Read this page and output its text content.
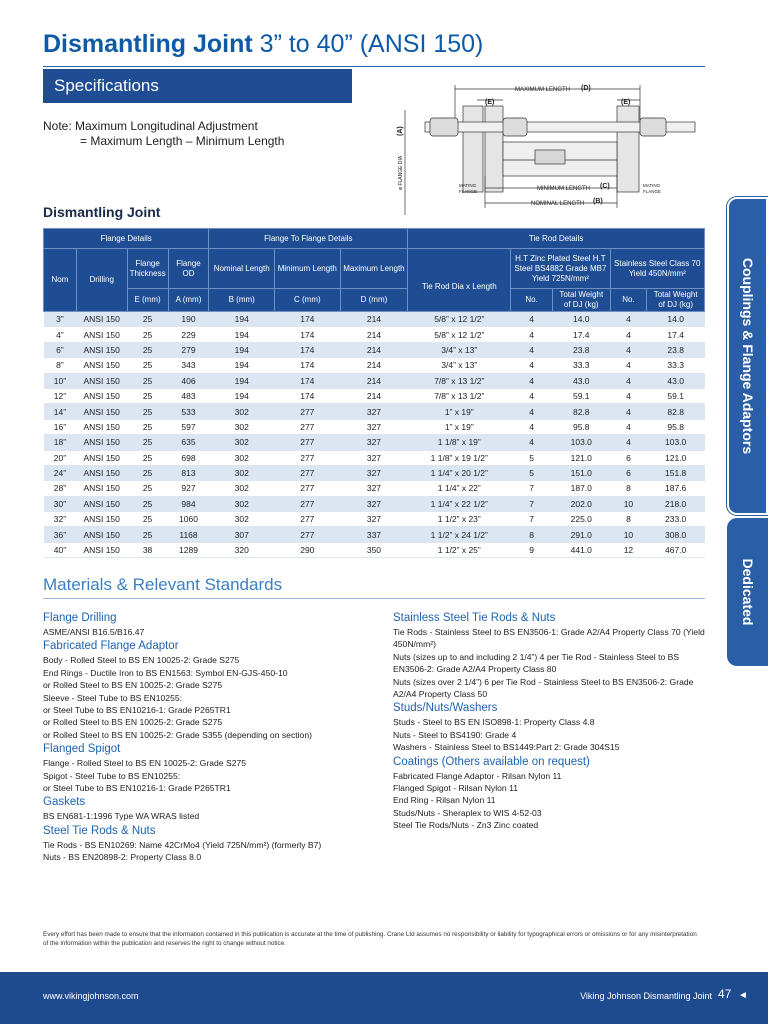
Dismantling Joint 3” to 40” (ANSI 150)
Specifications
Note: Maximum Longitudinal Adjustment
= Maximum Length – Minimum Length
MAXIMUM LENGTH (D)
(E)	(E)
(A)
ø FLANGE DIA	MATING
FLANGE
MATING
FLANGE
MINIMUM LENGTH (C)
NOMINAL LENGTH (B)
Dismantling Joint
Flange Details				Flange To Flange Details			Tie Rod Details				
Nom	Drilling	Flange Thickness	Flange OD	Nominal Length	Minimum Length	Maximum Length	Tie Rod Dia x Length	H.T Zinc Plated Steel H.T Steel BS4882 Grade MB7 Yield 725N/mm²		Stainless Steel Class 70 Yield 450N/mm²	
		E (mm)	A (mm)	B (mm)	C (mm)	D (mm)		No.	Total Weight of DJ (kg)	No.	Total Weight of DJ (kg)
3”	ANSI 150	25	190	194	174	214	5/8” x 12 1/2”	4	14.0	4	14.0
4”	ANSI 150	25	229	194	174	214	5/8” x 12 1/2”	4	17.4	4	17.4
6”	ANSI 150	25	279	194	174	214	3/4” x 13”	4	23.8	4	23.8
8”	ANSI 150	25	343	194	174	214	3/4” x 13”	4	33.3	4	33.3
10”	ANSI 150	25	406	194	174	214	7/8” x 13 1/2”	4	43.0	4	43.0
12”	ANSI 150	25	483	194	174	214	7/8” x 13 1/2”	4	59.1	4	59.1
14”	ANSI 150	25	533	302	277	327	1” x 19”	4	82.8	4	82.8
16”	ANSI 150	25	597	302	277	327	1” x 19”	4	95.8	4	95.8
18”	ANSI 150	25	635	302	277	327	1 1/8” x 19”	4	103.0	4	103.0
20”	ANSI 150	25	698	302	277	327	1 1/8” x 19 1/2”	5	121.0	6	121.0
24”	ANSI 150	25	813	302	277	327	1 1/4” x 20 1/2”	5	151.0	6	151.8
28”	ANSI 150	25	927	302	277	327	1 1/4” x 22”	7	187.0	8	187.6
30”	ANSI 150	25	984	302	277	327	1 1/4” x 22 1/2”	7	202.0	10	218.0
32”	ANSI 150	25	1060	302	277	327	1 1/2” x 23”	7	225.0	8	233.0
36”	ANSI 150	25	1168	307	277	337	1 1/2” x 24 1/2”	8	291.0	10	308.0
40”	ANSI 150	38	1289	320	290	350	1 1/2” x 25”	9	441.0	12	467.0
Materials & Relevant Standards
Flange Drilling
ASME/ANSI B16.5/B16.47
Fabricated Flange Adaptor
Body - Rolled Steel to BS EN 10025-2: Grade S275
End Rings - Ductile Iron to BS EN1563: Symbol EN-GJS-450-10
or Rolled Steel to BS EN 10025-2: Grade S275
Sleeve - Steel Tube to BS EN10255:
or Steel Tube to BS EN10216-1: Grade P265TR1
or Rolled Steel to BS EN 10025-2: Grade S275
or Rolled Steel to BS EN 10025-2: Grade S355 (depending on section)
Flanged Spigot
Flange - Rolled Steel to BS EN 10025-2: Grade S275
Spigot - Steel Tube to BS EN10255:
or Steel Tube to BS EN10216-1: Grade P265TR1
Gaskets
BS EN681-1:1996 Type WA WRAS listed
Steel Tie Rods & Nuts
Tie Rods - BS EN10269: Name 42CrMo4 (Yield 725N/mm²) (formerly B7)
Nuts - BS EN20898-2: Property Class 8.0
Stainless Steel Tie Rods & Nuts
Tie Rods - Stainless Steel to BS EN3506-1: Grade A2/A4 Property Class 70 (Yield 450N/mm²)
Nuts (sizes up to and including 2 1/4”) 4 per Tie Rod - Stainless Steel to BS EN3506-2: Grade A2/A4 Property Class 80
Nuts (sizes over 2 1/4”) 6 per Tie Rod - Stainless Steel to BS EN3506-2: Grade A2/A4 Property Class 50
Studs/Nuts/Washers
Studs - Steel to BS EN ISO898-1: Property Class 4.8
Nuts - Steel to BS4190: Grade 4
Washers - Stainless Steel to BS1449:Part 2: Grade 304S15
Coatings (Others available on request)
Fabricated Flange Adaptor - Rilsan Nylon 11
Flanged Spigot - Rilsan Nylon 11
End Ring - Rilsan Nylon 11
Studs/Nuts - Sheraplex to WIS 4-52-03
Steel Tie Rods/Nuts - Zn3 Zinc coated
Every effort has been made to ensure that the information contained in this publication is accurate at the time of publishing. Crane Ltd assumes no responsibility or liability for typographical errors or omissions or for any misinterpretation of the information within the publication and reserves the right to change without notice.
Couplings & Flange Adaptors
Dedicated
www.vikingjohnson.com	Viking Johnson Dismantling Joint 47 ◄
